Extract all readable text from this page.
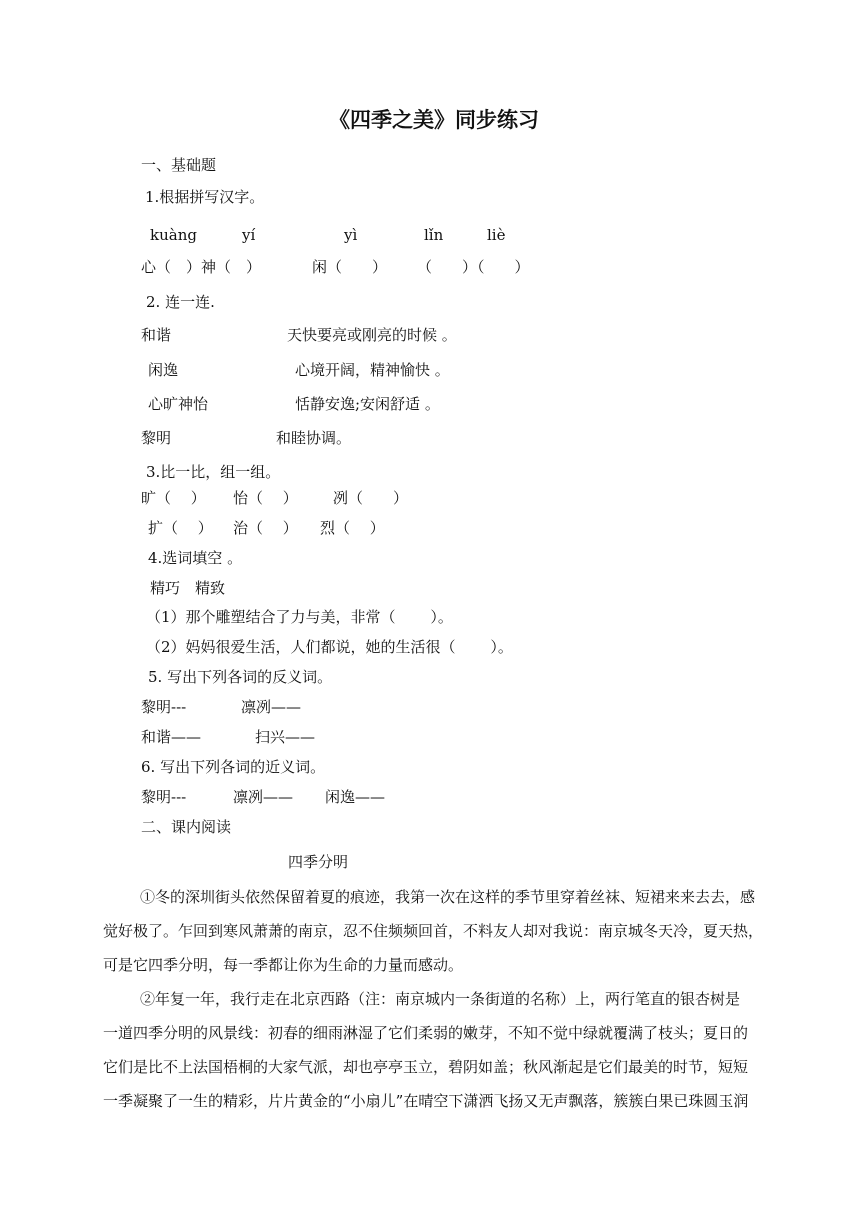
《四季之美》同步练习
一、基础题
1.根据拼写汉字。
kuàng	yí	yì	lǐn	liè
心（　）神（　）	闲（　　） （　　）（　　）
2. 连一连.
和谐	天快要亮或刚亮的时候 。
闲逸	心境开阔，精神愉快 。
心旷神怡	恬静安逸;安闲舒适 。
黎明	和睦协调。
3.比一比，组一组。
旷（　 ） 怡（　 ） 冽（　　）
扩（　 ） 治（　 ） 烈（　 ）
4.选词填空 。
精巧　精致
（1）那个雕塑结合了力与美，非常（　　 ）。
（2）妈妈很爱生活，人们都说，她的生活很（　　 ）。
5. 写出下列各词的反义词。
黎明---	凛冽——
和谐——	扫兴——
6. 写出下列各词的近义词。
黎明---	凛冽—— 闲逸——
二、课内阅读
四季分明
①冬的深圳街头依然保留着夏的痕迹，我第一次在这样的季节里穿着丝袜、短裙来来去去，感
觉好极了。乍回到寒风萧萧的南京，忍不住频频回首，不料友人却对我说：南京城冬天冷，夏天热，
可是它四季分明，每一季都让你为生命的力量而感动。
②年复一年，我行走在北京西路（注：南京城内一条街道的名称）上，两行笔直的银杏树是
一道四季分明的风景线：初春的细雨淋湿了它们柔弱的嫩芽，不知不觉中绿就覆满了枝头；夏日的
它们是比不上法国梧桐的大家气派，却也亭亭玉立，碧阴如盖；秋风渐起是它们最美的时节，短短
一季凝聚了一生的精彩，片片黄金的“小扇儿”在晴空下潇洒飞扬又无声飘落，簇簇白果已珠圆玉润
